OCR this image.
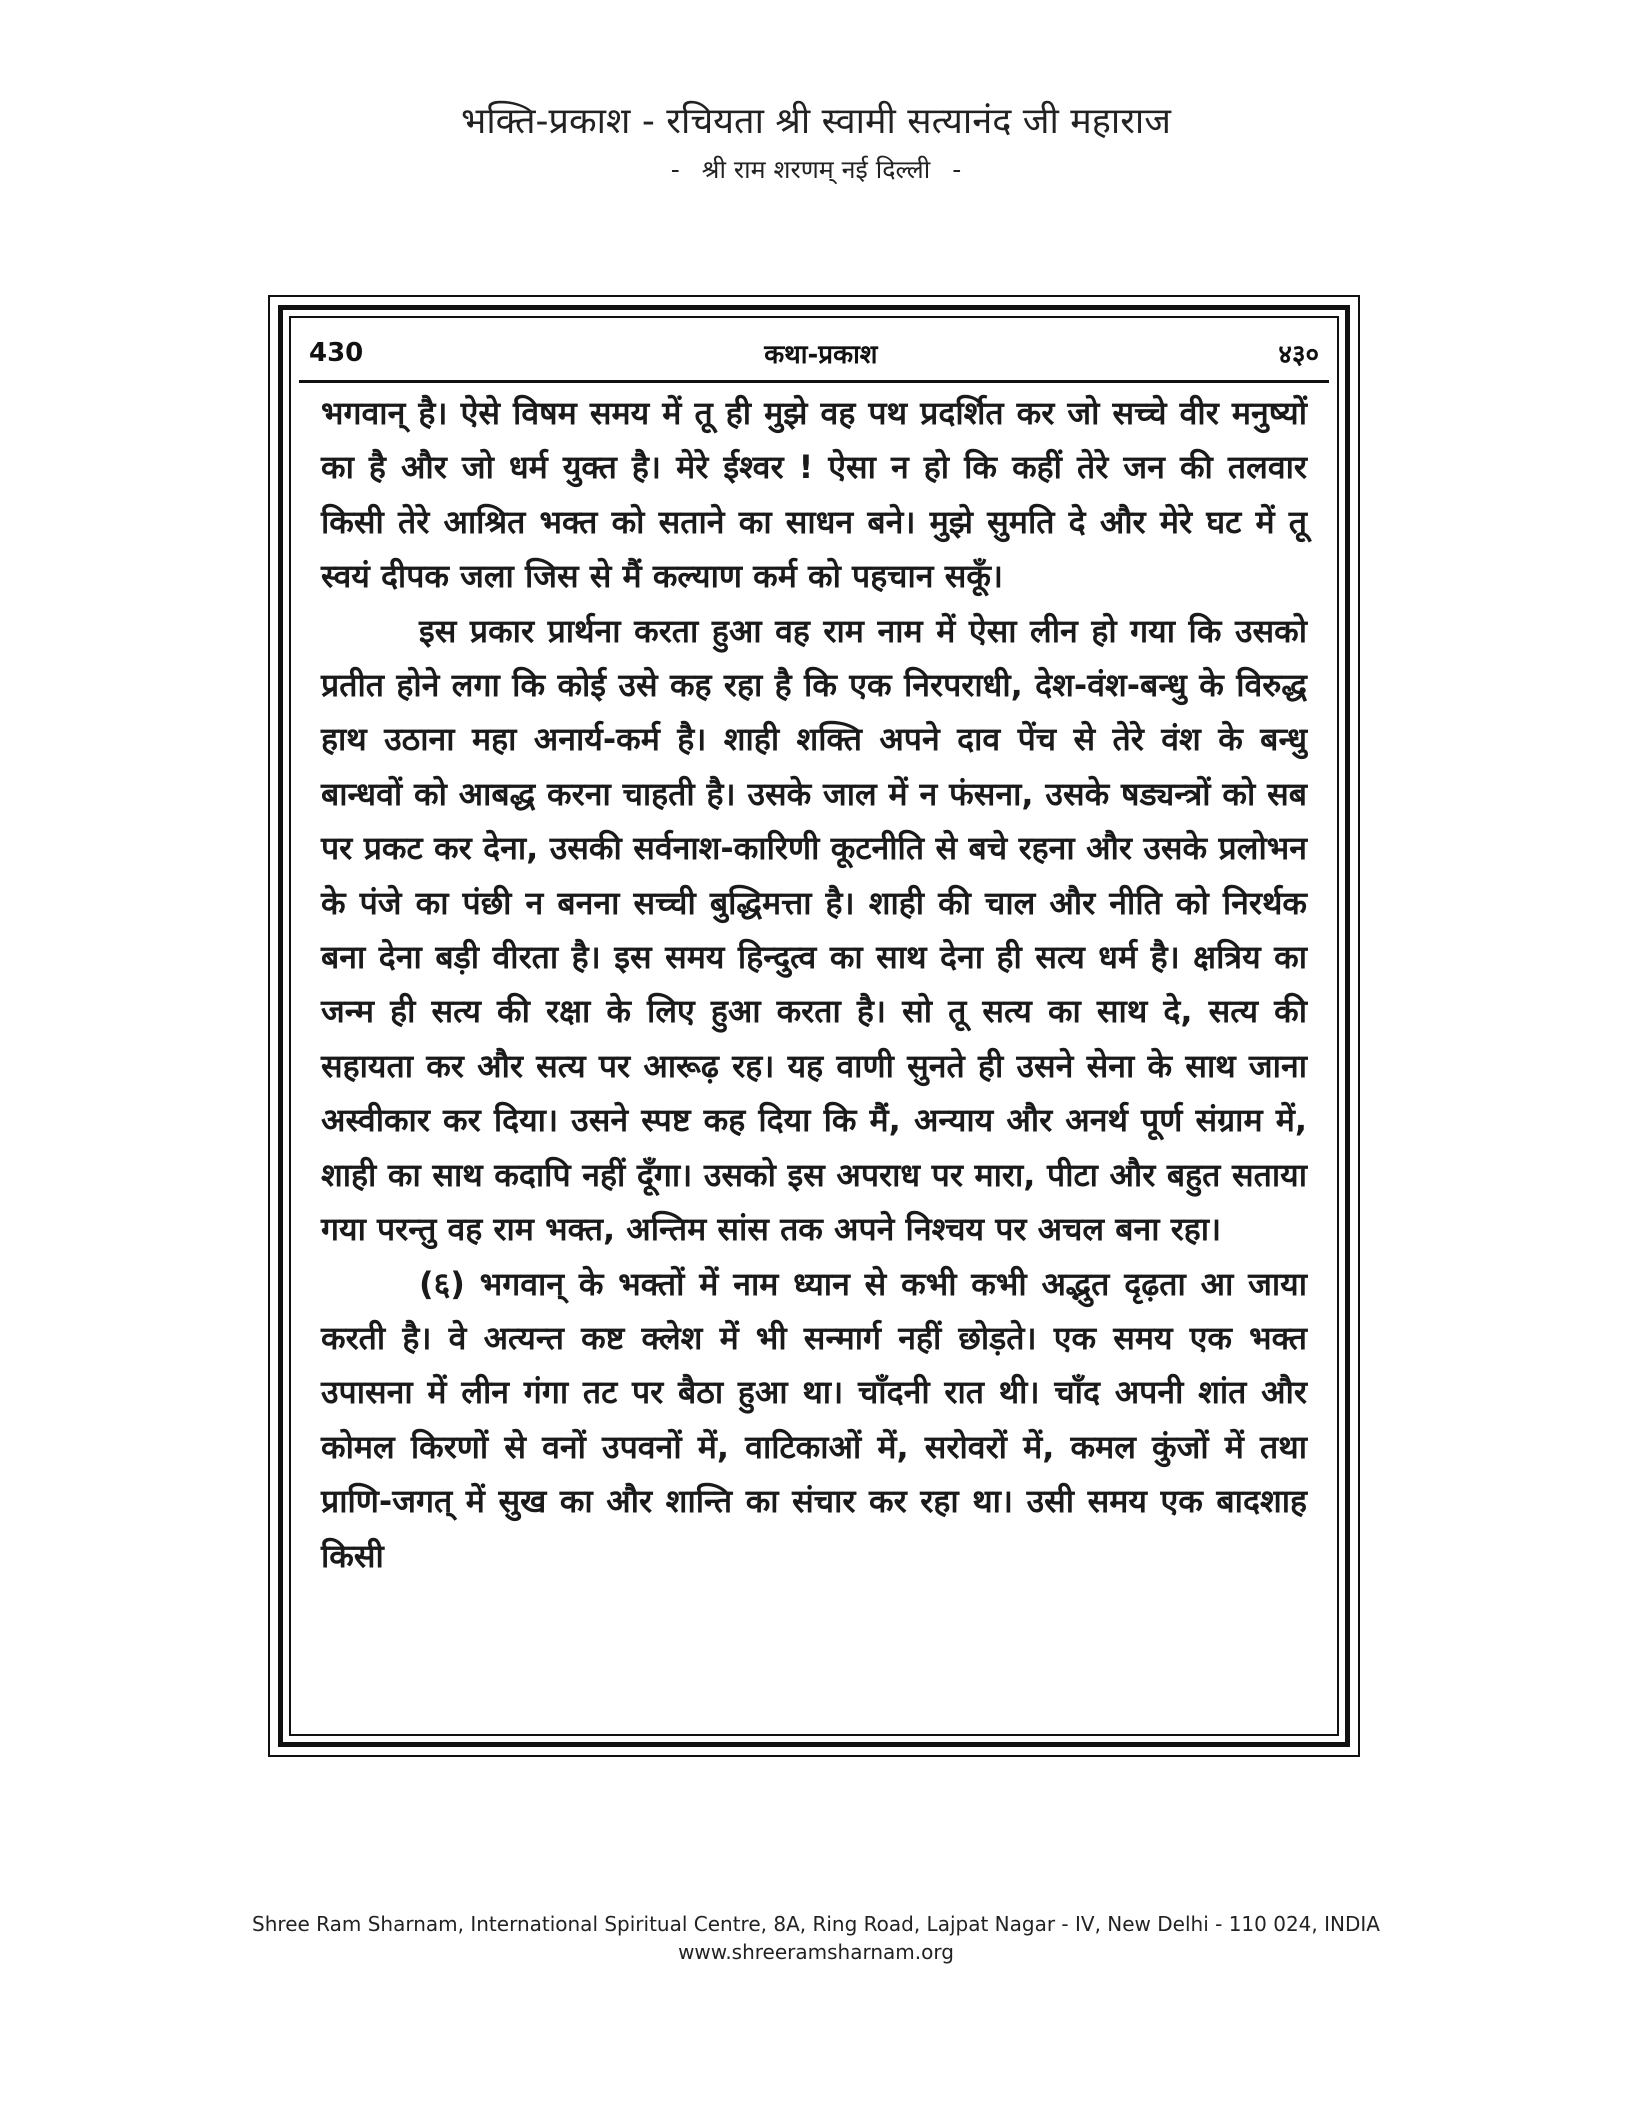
भक्ति-प्रकाश - रचियता श्री स्वामी सत्यानंद जी महाराज
- श्री राम शरणम् नई दिल्ली -
430	कथा-प्रकाश	४३०

भगवान् है। ऐसे विषम समय में तू ही मुझे वह पथ प्रदर्शित कर जो सच्चे वीर मनुष्यों का है और जो धर्म युक्त है। मेरे ईश्वर ! ऐसा न हो कि कहीं तेरे जन की तलवार किसी तेरे आश्रित भक्त को सताने का साधन बने। मुझे सुमति दे और मेरे घट में तू स्वयं दीपक जला जिस से मैं कल्याण कर्म को पहचान सकूँ।

इस प्रकार प्रार्थना करता हुआ वह राम नाम में ऐसा लीन हो गया कि उसको प्रतीत होने लगा कि कोई उसे कह रहा है कि एक निरपराधी, देश-वंश-बन्धु के विरुद्ध हाथ उठाना महा अनार्य-कर्म है। शाही शक्ति अपने दाव पेंच से तेरे वंश के बन्धु बान्धवों को आबद्ध करना चाहती है। उसके जाल में न फंसना, उसके षड्यन्त्रों को सब पर प्रकट कर देना, उसकी सर्वनाश-कारिणी कूटनीति से बचे रहना और उसके प्रलोभन के पंजे का पंछी न बनना सच्ची बुद्धिमत्ता है। शाही की चाल और नीति को निरर्थक बना देना बड़ी वीरता है। इस समय हिन्दुत्व का साथ देना ही सत्य धर्म है। क्षत्रिय का जन्म ही सत्य की रक्षा के लिए हुआ करता है। सो तू सत्य का साथ दे, सत्य की सहायता कर और सत्य पर आरूढ़ रह। यह वाणी सुनते ही उसने सेना के साथ जाना अस्वीकार कर दिया। उसने स्पष्ट कह दिया कि मैं, अन्याय और अनर्थ पूर्ण संग्राम में, शाही का साथ कदापि नहीं दूँगा। उसको इस अपराध पर मारा, पीटा और बहुत सताया गया परन्तु वह राम भक्त, अन्तिम सांस तक अपने निश्चय पर अचल बना रहा।

(६) भगवान् के भक्तों में नाम ध्यान से कभी कभी अद्भुत दृढ़ता आ जाया करती है। वे अत्यन्त कष्ट क्लेश में भी सन्मार्ग नहीं छोड़ते। एक समय एक भक्त उपासना में लीन गंगा तट पर बैठा हुआ था। चाँदनी रात थी। चाँद अपनी शांत और कोमल किरणों से वनों उपवनों में, वाटिकाओं में, सरोवरों में, कमल कुंजों में तथा प्राणि-जगत् में सुख का और शान्ति का संचार कर रहा था। उसी समय एक बादशाह किसी

Shree Ram Sharnam, International Spiritual Centre, 8A, Ring Road, Lajpat Nagar - IV, New Delhi - 110 024, INDIA
www.shreeramsharnam.org
